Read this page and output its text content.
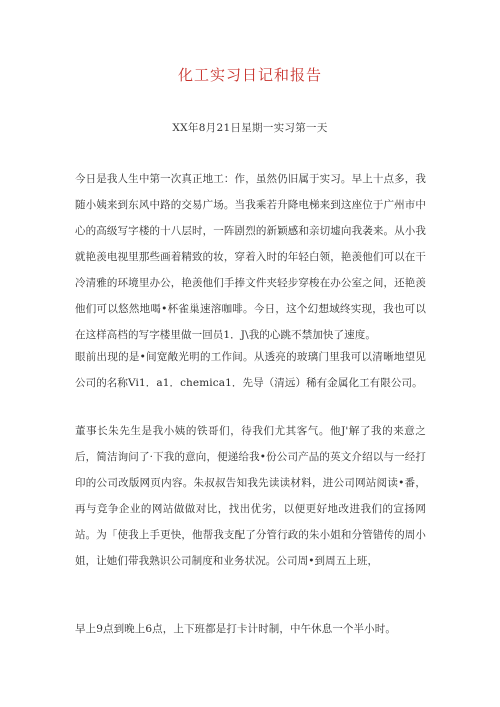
化工实习日记和报告
XX年8月21日星期一实习第一天

今日是我人生中第一次真正地工：作，虽然仍旧属于实习。早上十点多，我随小姨来到东风中路的交易广场。当我乘若升降电梯来到这座位于广州市中心的高级写字楼的十八层时，一阵剧烈的新颖感和亲切墟向我袭来。从小我就艳羡电视里那些画着精致的妆，穿着入时的年轻白领，艳羡他们可以在干冷清雅的环境里办公，艳羡他们手捧文件夹轻步穿梭在办公室之间，还艳羡他们可以悠然地喝•杯雀巢速溶咖啡。今日，这个幻想域终实现，我也可以在这样高档的写字楼里做一回员1．J\我的心跳不禁加快了速度。

眼前出现的是•间宽敞光明的工作间。从透亮的玻璃门里我可以清晰地望见公司的名称Vi1．a1．chemica1．先导（清远）稀有金属化工有限公司。

董事长朱先生是我小姨的铁哥们，待我们尤其客气。他J'解了我的来意之后，简洁询问了·下我的意向，便递给我•份公司产品的英文介绍以与一经打印的公司改版网页内容。朱叔叔告知我先读读材料，进公司网站阅读•番，再与竞争企业的网站做做对比，找出优劣，以便更好地改进我们的宣扬网站。为「使我上手更快，他帮我支配了分管行政的朱小姐和分管错传的周小姐，让她们带我熟识公司制度和业务状况。公司周•到周五上班，

早上9点到晚上6点，上下班都是打卡计时制，中午休息一个半小时。
